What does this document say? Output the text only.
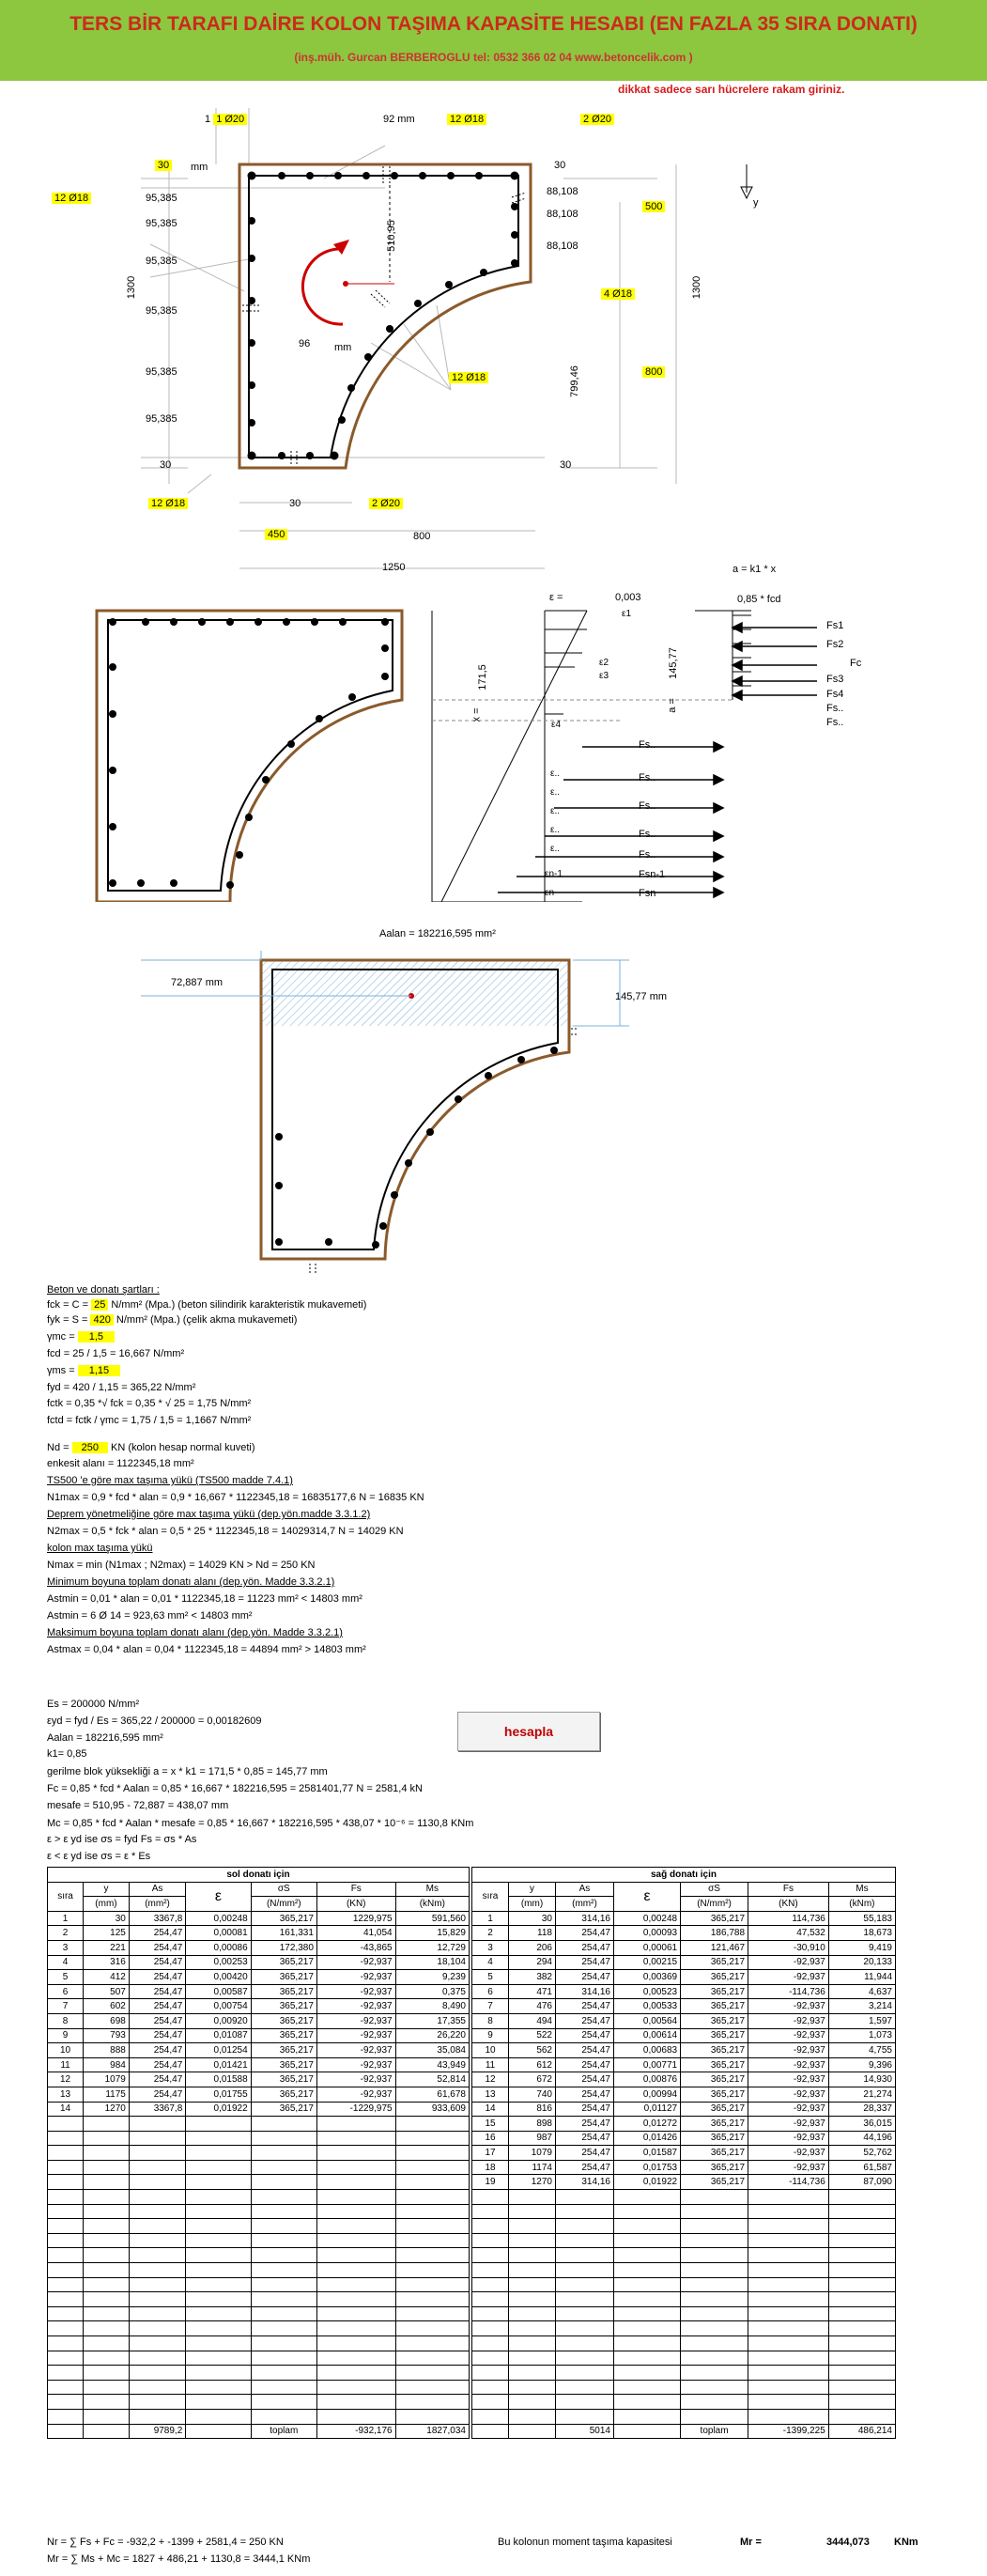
TERS BİR TARAFI DAİRE KOLON TAŞIMA KAPASİTE HESABI (EN FAZLA 35 SIRA DONATI)
(inş.müh. Gurcan BERBEROGLU tel: 0532 366 02 04 www.betoncelik.com )
dikkat sadece sarı hücrelere rakam giriniz.
1 1 Ø20	92 mm	12 Ø18	2 Ø20
30	mm
12 Ø18	95,385
95,385
95,385
95,385
95,385
95,385
1300
510,95
96 mm
88,108
88,108
88,108
30
500
4 Ø18
799,46	800
1300
12 Ø18
30	30
12 Ø18	30	2 Ø20
450	800
1250
y
a = k1 * x
ε =	0,003	0,85 * fcd
171,5
x =
145,77
a =
ε1
ε2
ε3
ε4
ε..
ε..
ε..
ε..
ε..
εn-1
εn
Fs1
Fs2
Fc
Fs3
Fs4
Fs..
Fs..
Fs..
Fs..
Fs..
Fs..
Fs..
Fsn-1
Fsn
Aalan = 182216,595 mm²
72,887 mm
145,77 mm
Beton ve donatı şartları :
fck = C = 25 N/mm² (Mpa.) (beton silindirik karakteristik mukavemeti)
fyk = S = 420 N/mm² (Mpa.) (çelik akma mukavemeti)
γmc = 1,5
fcd = 25 / 1,5 = 16,667 N/mm²
γms = 1,15
fyd = 420 / 1,15 = 365,22 N/mm²
fctk = 0,35 *√ fck = 0,35 * √ 25 = 1,75 N/mm²
fctd = fctk / γmc = 1,75 / 1,5 = 1,1667 N/mm²
Nd = 250 KN (kolon hesap normal kuveti)
enkesit alanı = 1122345,18 mm²
TS500 'e göre max taşıma yükü (TS500 madde 7.4.1)
N1max = 0,9 * fcd * alan = 0,9 * 16,667 * 1122345,18 = 16835177,6 N = 16835 KN
Deprem yönetmeliğine göre max taşıma yükü (dep.yön.madde 3.3.1.2)
N2max = 0,5 * fck * alan = 0,5 * 25 * 1122345,18 = 14029314,7 N = 14029 KN
kolon max taşıma yükü
Nmax = min (N1max ; N2max) = 14029 KN > Nd = 250 KN
Minimum boyuna toplam donatı alanı (dep.yön. Madde 3.3.2.1)
Astmin = 0,01 * alan = 0,01 * 1122345,18 = 11223 mm² < 14803 mm²
Astmin = 6 Ø 14 = 923,63 mm² < 14803 mm²
Maksimum boyuna toplam donatı alanı (dep.yön. Madde 3.3.2.1)
Astmax = 0,04 * alan = 0,04 * 1122345,18 = 44894 mm² > 14803 mm²
Es = 200000 N/mm²
εyd = fyd / Es = 365,22 / 200000 = 0,00182609
Aalan = 182216,595 mm²
k1= 0,85
gerilme blok yüksekliği a = x * k1 = 171,5 * 0,85 = 145,77 mm
Fc = 0,85 * fcd * Aalan = 0,85 * 16,667 * 182216,595 = 2581401,77 N = 2581,4 kN
mesafe = 510,95 - 72,887 = 438,07 mm
Mc = 0,85 * fcd * Aalan * mesafe = 0,85 * 16,667 * 182216,595 * 438,07 * 10⁻⁶ = 1130,8 KNm
ε > ε yd ise σs = fyd Fs = σs * As
ε < ε yd ise σs = ε * Es
hesapla
sol donatı için						
sıra	y	As	ε	σS	Fs	Ms
	(mm)	(mm²)		(N/mm²)	(KN)	(kNm)
1	30	3367,8	0,00248	365,217	1229,975	591,560
2	125	254,47	0,00081	161,331	41,054	15,829
3	221	254,47	0,00086	172,380	-43,865	12,729
4	316	254,47	0,00253	365,217	-92,937	18,104
5	412	254,47	0,00420	365,217	-92,937	9,239
6	507	254,47	0,00587	365,217	-92,937	0,375
7	602	254,47	0,00754	365,217	-92,937	8,490
8	698	254,47	0,00920	365,217	-92,937	17,355
9	793	254,47	0,01087	365,217	-92,937	26,220
10	888	254,47	0,01254	365,217	-92,937	35,084
11	984	254,47	0,01421	365,217	-92,937	43,949
12	1079	254,47	0,01588	365,217	-92,937	52,814
13	1175	254,47	0,01755	365,217	-92,937	61,678
14	1270	3367,8	0,01922	365,217	-1229,975	933,609

		9789,2		toplam	-932,176	1827,034
sağ donatı için						
sıra	y	As	ε	σS	Fs	Ms
	(mm)	(mm²)		(N/mm²)	(KN)	(kNm)
1	30	314,16	0,00248	365,217	114,736	55,183
2	118	254,47	0,00093	186,788	47,532	18,673
3	206	254,47	0,00061	121,467	-30,910	9,419
4	294	254,47	0,00215	365,217	-92,937	20,133
5	382	254,47	0,00369	365,217	-92,937	11,944
6	471	314,16	0,00523	365,217	-114,736	4,637
7	476	254,47	0,00533	365,217	-92,937	3,214
8	494	254,47	0,00564	365,217	-92,937	1,597
9	522	254,47	0,00614	365,217	-92,937	1,073
10	562	254,47	0,00683	365,217	-92,937	4,755
11	612	254,47	0,00771	365,217	-92,937	9,396
12	672	254,47	0,00876	365,217	-92,937	14,930
13	740	254,47	0,00994	365,217	-92,937	21,274
14	816	254,47	0,01127	365,217	-92,937	28,337
15	898	254,47	0,01272	365,217	-92,937	36,015
16	987	254,47	0,01426	365,217	-92,937	44,196
17	1079	254,47	0,01587	365,217	-92,937	52,762
18	1174	254,47	0,01753	365,217	-92,937	61,587
19	1270	314,16	0,01922	365,217	-114,736	87,090

		5014		toplam	-1399,225	486,214
Nr = ∑ Fs + Fc = -932,2 + -1399 + 2581,4 = 250 KN
Mr = ∑ Ms + Mc = 1827 + 486,21 + 1130,8 = 3444,1 KNm
Bu kolonun moment taşıma kapasitesi	Mr =	3444,073 KNm
